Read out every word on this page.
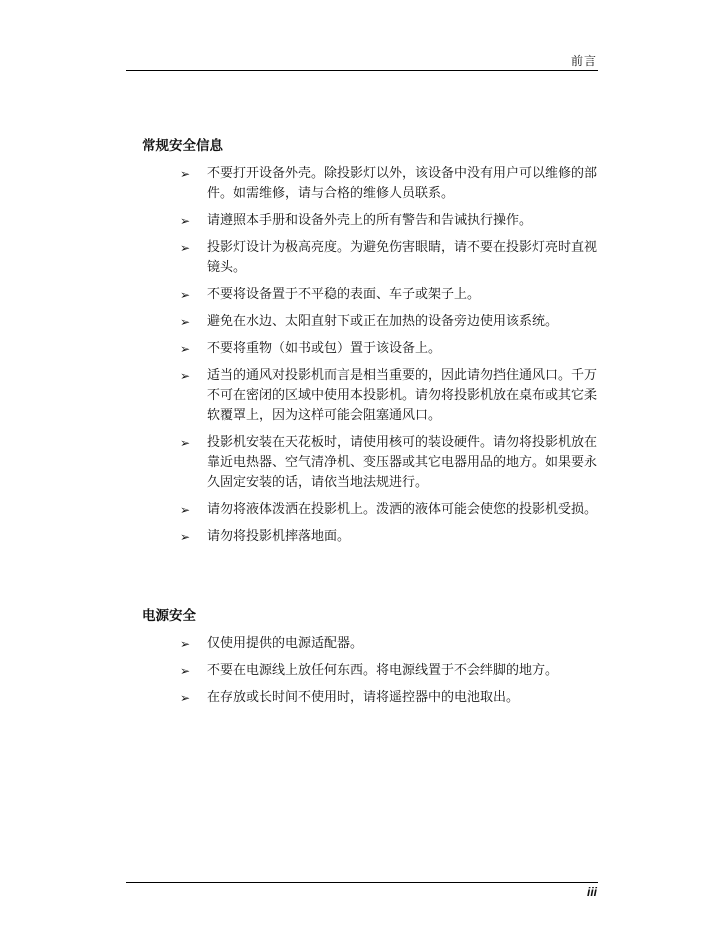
前言
常规安全信息
➢	不要打开设备外壳。除投影灯以外，该设备中没有用户可以维修的部件。如需维修，请与合格的维修人员联系。
➢	请遵照本手册和设备外壳上的所有警告和告诫执行操作。
➢	投影灯设计为极高亮度。为避免伤害眼睛，请不要在投影灯亮时直视镜头。
➢	不要将设备置于不平稳的表面、车子或架子上。
➢	避免在水边、太阳直射下或正在加热的设备旁边使用该系统。
➢	不要将重物（如书或包）置于该设备上。
➢	适当的通风对投影机而言是相当重要的，因此请勿挡住通风口。千万不可在密闭的区域中使用本投影机。请勿将投影机放在桌布或其它柔软覆罩上，因为这样可能会阻塞通风口。
➢	投影机安装在天花板时，请使用核可的装设硬件。请勿将投影机放在靠近电热器、空气清净机、变压器或其它电器用品的地方。如果要永久固定安装的话，请依当地法规进行。
➢	请勿将液体泼洒在投影机上。泼洒的液体可能会使您的投影机受损。
➢	请勿将投影机摔落地面。
电源安全
➢	仅使用提供的电源适配器。
➢	不要在电源线上放任何东西。将电源线置于不会绊脚的地方。
➢	在存放或长时间不使用时，请将遥控器中的电池取出。
iii
